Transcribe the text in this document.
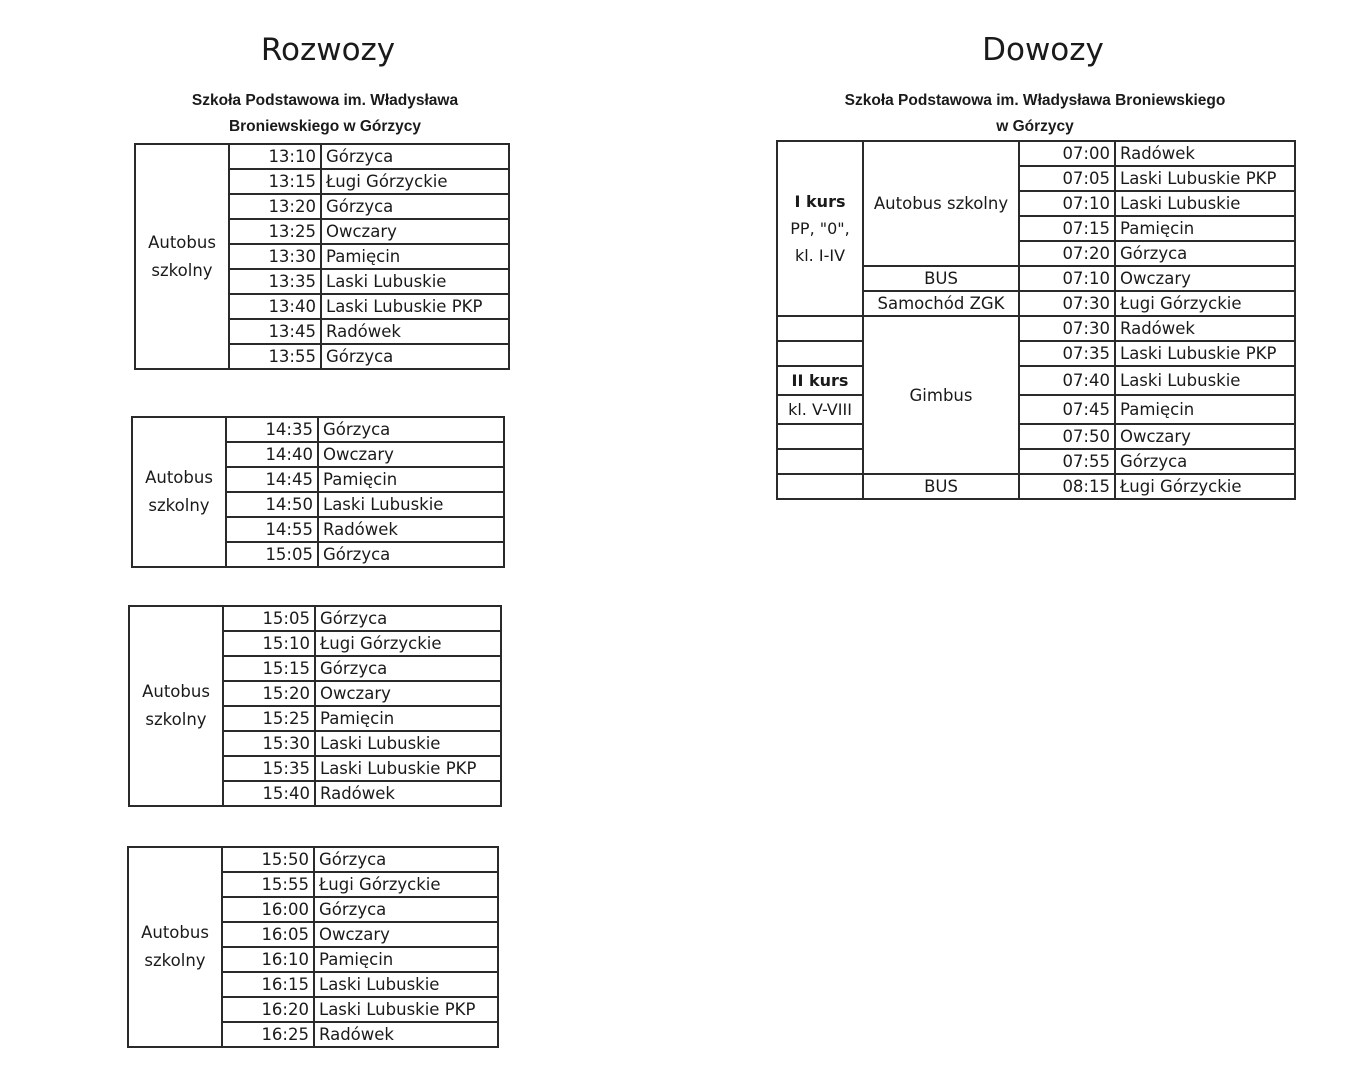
Rozwozy
Szkoła Podstawowa im. Władysława
Broniewskiego w Górzycy
Autobus
szkolny	13:10	Górzyca
	13:15	Ługi Górzyckie
	13:20	Górzyca
	13:25	Owczary
	13:30	Pamięcin
	13:35	Laski Lubuskie
	13:40	Laski Lubuskie PKP
	13:45	Radówek
	13:55	Górzyca
Autobus
szkolny	14:35	Górzyca
	14:40	Owczary
	14:45	Pamięcin
	14:50	Laski Lubuskie
	14:55	Radówek
	15:05	Górzyca
Autobus
szkolny	15:05	Górzyca
	15:10	Ługi Górzyckie
	15:15	Górzyca
	15:20	Owczary
	15:25	Pamięcin
	15:30	Laski Lubuskie
	15:35	Laski Lubuskie PKP
	15:40	Radówek
Autobus
szkolny	15:50	Górzyca
	15:55	Ługi Górzyckie
	16:00	Górzyca
	16:05	Owczary
	16:10	Pamięcin
	16:15	Laski Lubuskie
	16:20	Laski Lubuskie PKP
	16:25	Radówek
Dowozy
Szkoła Podstawowa im. Władysława Broniewskiego
w Górzycy
I kurs
PP, "0",
kl. I-IV	Autobus szkolny	07:00	Radówek
		07:05	Laski Lubuskie PKP
		07:10	Laski Lubuskie
		07:15	Pamięcin
		07:20	Górzyca
	BUS	07:10	Owczary
	Samochód ZGK	07:30	Ługi Górzyckie
	Gimbus	07:30	Radówek
		07:35	Laski Lubuskie PKP
II kurs		07:40	Laski Lubuskie
kl. V-VIII		07:45	Pamięcin
		07:50	Owczary
		07:55	Górzyca
	BUS	08:15	Ługi Górzyckie
